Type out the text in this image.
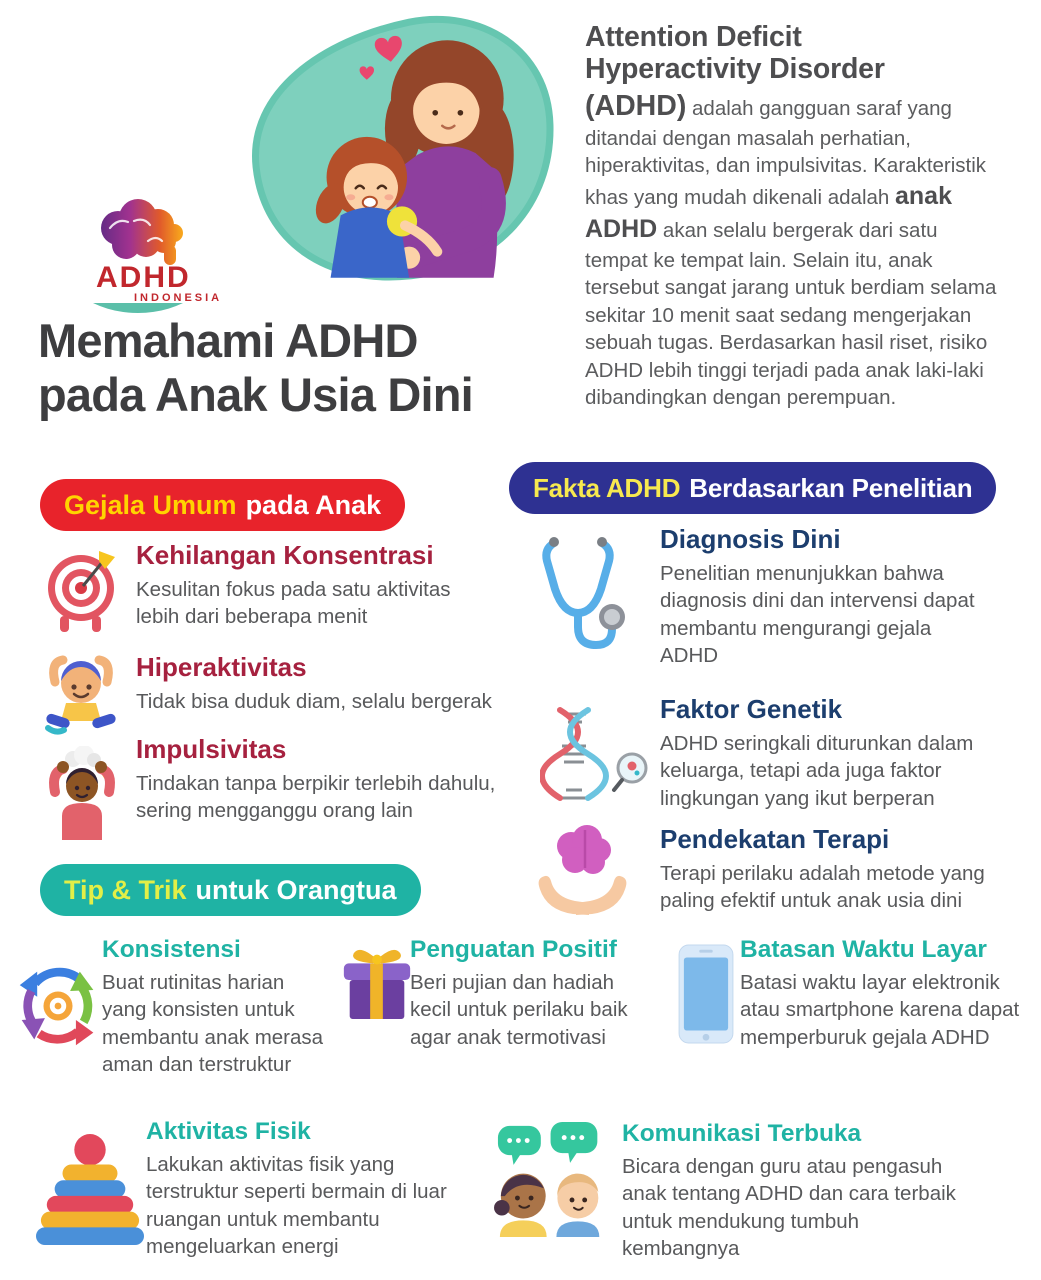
ADHD
INDONESIA
Attention Deficit
Hyperactivity Disorder

(ADHD) adalah gangguan saraf yang ditandai dengan masalah perhatian, hiperaktivitas, dan impulsivitas. Karakteristik khas yang mudah dikenali adalah anak ADHD akan selalu bergerak dari satu tempat ke tempat lain. Selain itu, anak tersebut sangat jarang untuk berdiam selama sekitar 10 menit saat sedang mengerjakan sebuah tugas. Berdasarkan hasil riset, risiko ADHD lebih tinggi terjadi pada anak laki-laki dibandingkan dengan perempuan.

Memahami ADHD
pada Anak Usia Dini
Gejala Umum pada Anak
Kehilangan Konsentrasi
Kesulitan fokus pada satu aktivitas lebih dari beberapa menit
Hiperaktivitas
Tidak bisa duduk diam, selalu bergerak
Impulsivitas
Tindakan tanpa berpikir terlebih dahulu, sering mengganggu orang lain
Fakta ADHD Berdasarkan Penelitian
Diagnosis Dini
Penelitian menunjukkan bahwa diagnosis dini dan intervensi dapat membantu mengurangi gejala ADHD
Faktor Genetik
ADHD seringkali diturunkan dalam keluarga, tetapi ada juga faktor lingkungan yang ikut berperan
Pendekatan Terapi
Terapi perilaku adalah metode yang paling efektif untuk anak usia dini
Tip & Trik untuk Orangtua
Konsistensi
Buat rutinitas harian yang konsisten untuk membantu anak merasa aman dan terstruktur
Penguatan Positif
Beri pujian dan hadiah kecil untuk perilaku baik agar anak termotivasi
Batasan Waktu Layar
Batasi waktu layar elektronik atau smartphone karena dapat memperburuk gejala ADHD
Aktivitas Fisik
Lakukan aktivitas fisik yang terstruktur seperti bermain di luar ruangan untuk membantu mengeluarkan energi
Komunikasi Terbuka
Bicara dengan guru atau pengasuh anak tentang ADHD dan cara terbaik untuk mendukung tumbuh kembangnya
